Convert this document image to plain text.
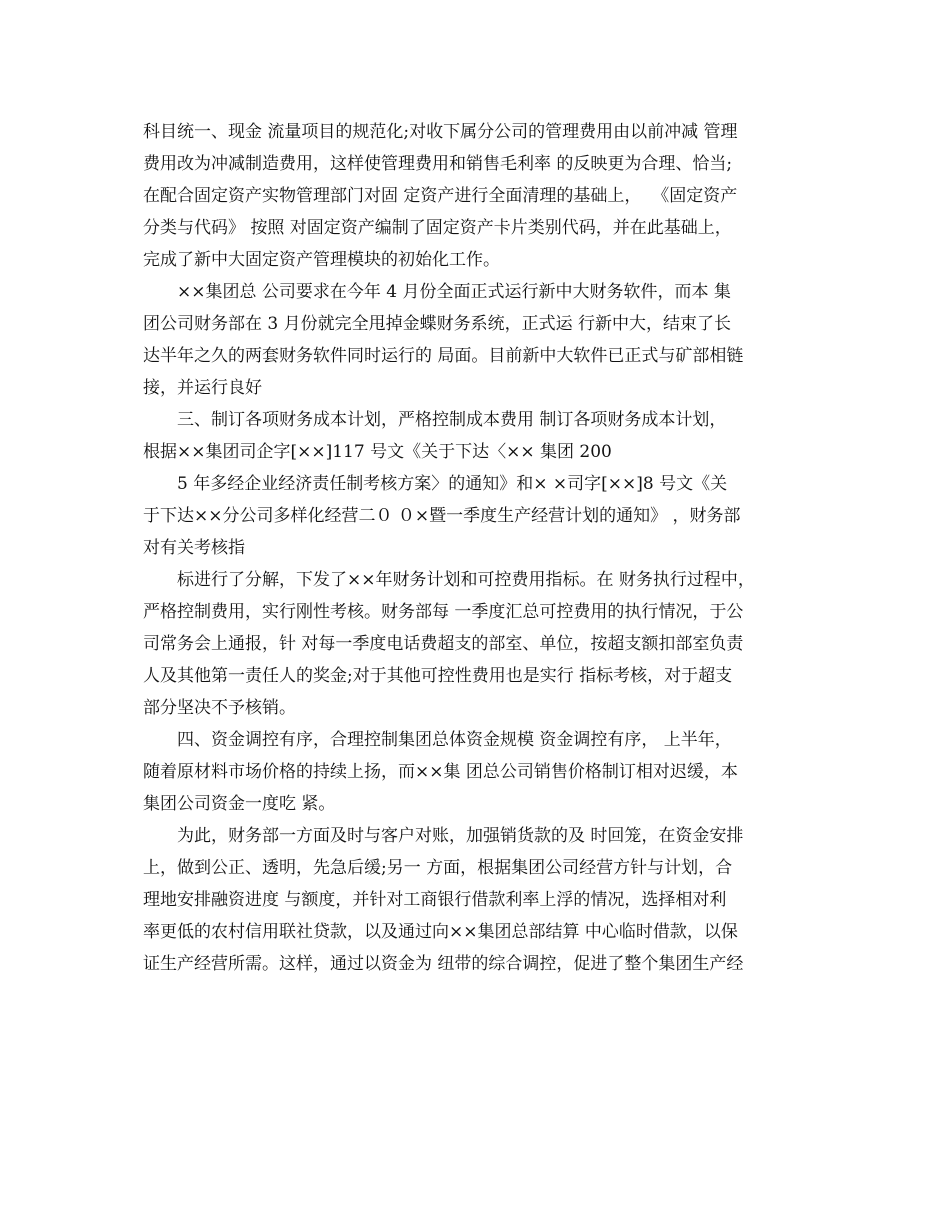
科目统一、现金 流量项目的规范化;对收下属分公司的管理费用由以前冲减 管理
费用改为冲减制造费用，这样使管理费用和销售毛利率 的反映更为合理、恰当;
在配合固定资产实物管理部门对固 定资产进行全面清理的基础上，  《固定资产
分类与代码》 按照 对固定资产编制了固定资产卡片类别代码，并在此基础上，
完成了新中大固定资产管理模块的初始化工作。
××集团总 公司要求在今年 4 月份全面正式运行新中大财务软件，而本 集
团公司财务部在 3 月份就完全甩掉金蝶财务系统，正式运 行新中大，结束了长
达半年之久的两套财务软件同时运行的 局面。目前新中大软件已正式与矿部相链
接，并运行良好
三、制订各项财务成本计划，严格控制成本费用 制订各项财务成本计划，
根据××集团司企字[××]117 号文《关于下达〈×× 集团 200
5 年多经企业经济责任制考核方案〉的通知》和× ×司字[××]8 号文《关
于下达××分公司多样化经营二０ ０×暨一季度生产经营计划的通知》 ，财务部
对有关考核指
标进行了分解，下发了××年财务计划和可控费用指标。在 财务执行过程中，
严格控制费用，实行刚性考核。财务部每 一季度汇总可控费用的执行情况，于公
司常务会上通报，针 对每一季度电话费超支的部室、单位，按超支额扣部室负责
人及其他第一责任人的奖金;对于其他可控性费用也是实行 指标考核，对于超支
部分坚决不予核销。
四、资金调控有序，合理控制集团总体资金规模 资金调控有序， 上半年，
随着原材料市场价格的持续上扬，而××集 团总公司销售价格制订相对迟缓，本
集团公司资金一度吃 紧。
为此，财务部一方面及时与客户对账，加强销货款的及 时回笼，在资金安排
上，做到公正、透明，先急后缓;另一 方面，根据集团公司经营方针与计划，合
理地安排融资进度 与额度，并针对工商银行借款利率上浮的情况，选择相对利
率更低的农村信用联社贷款，以及通过向××集团总部结算 中心临时借款，以保
证生产经营所需。这样，通过以资金为 纽带的综合调控，促进了整个集团生产经
